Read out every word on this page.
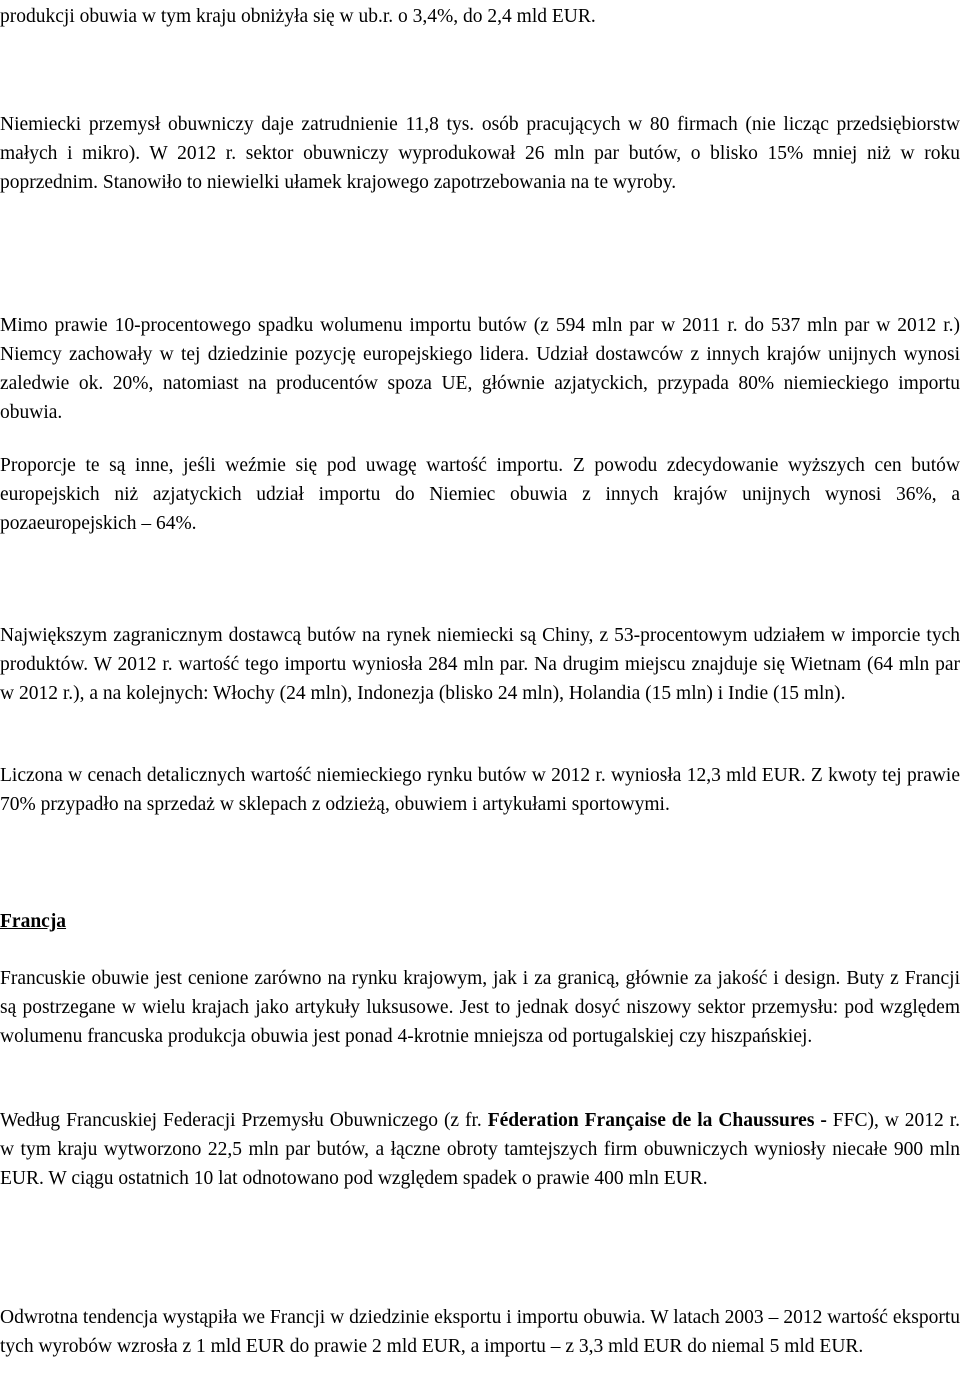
produkcji obuwia w tym kraju obniżyła się w ub.r. o 3,4%, do 2,4 mld EUR.

Niemiecki przemysł obuwniczy daje zatrudnienie 11,8 tys. osób pracujących w 80 firmach (nie licząc przedsiębiorstw małych i mikro). W 2012 r. sektor obuwniczy wyprodukował 26 mln par butów, o blisko 15% mniej niż w roku poprzednim. Stanowiło to niewielki ułamek krajowego zapotrzebowania na te wyroby.

Mimo prawie 10-procentowego spadku wolumenu importu butów (z 594 mln par w 2011 r. do 537 mln par w 2012 r.) Niemcy zachowały w tej dziedzinie pozycję europejskiego lidera. Udział dostawców z innych krajów unijnych wynosi zaledwie ok. 20%, natomiast na producentów spoza UE, głównie azjatyckich, przypada 80% niemieckiego importu obuwia.

Proporcje te są inne, jeśli weźmie się pod uwagę wartość importu. Z powodu zdecydowanie wyższych cen butów europejskich niż azjatyckich udział importu do Niemiec obuwia z innych krajów unijnych wynosi 36%, a pozaeuropejskich – 64%.

Największym zagranicznym dostawcą butów na rynek niemiecki są Chiny, z 53-procentowym udziałem w imporcie tych produktów. W 2012 r. wartość tego importu wyniosła 284 mln par. Na drugim miejscu znajduje się Wietnam (64 mln par w 2012 r.), a na kolejnych: Włochy (24 mln), Indonezja (blisko 24 mln), Holandia (15 mln) i Indie (15 mln).

Liczona w cenach detalicznych wartość niemieckiego rynku butów w 2012 r. wyniosła 12,3 mld EUR. Z kwoty tej prawie 70% przypadło na sprzedaż w sklepach z odzieżą, obuwiem i artykułami sportowymi.

Francja

Francuskie obuwie jest cenione zarówno na rynku krajowym, jak i za granicą, głównie za jakość i design. Buty z Francji są postrzegane w wielu krajach jako artykuły luksusowe. Jest to jednak dosyć niszowy sektor przemysłu: pod względem wolumenu francuska produkcja obuwia jest ponad 4-krotnie mniejsza od portugalskiej czy hiszpańskiej.

Według Francuskiej Federacji Przemysłu Obuwniczego (z fr. Féderation Française de la Chaussures - FFC), w 2012 r. w tym kraju wytworzono 22,5 mln par butów, a łączne obroty tamtejszych firm obuwniczych wyniosły niecałe 900 mln EUR. W ciągu ostatnich 10 lat odnotowano pod względem spadek o prawie 400 mln EUR.

Odwrotna tendencja wystąpiła we Francji w dziedzinie eksportu i importu obuwia. W latach 2003 – 2012 wartość eksportu tych wyrobów wzrosła z 1 mld EUR do prawie 2 mld EUR, a importu – z 3,3 mld EUR do niemal 5 mld EUR.
